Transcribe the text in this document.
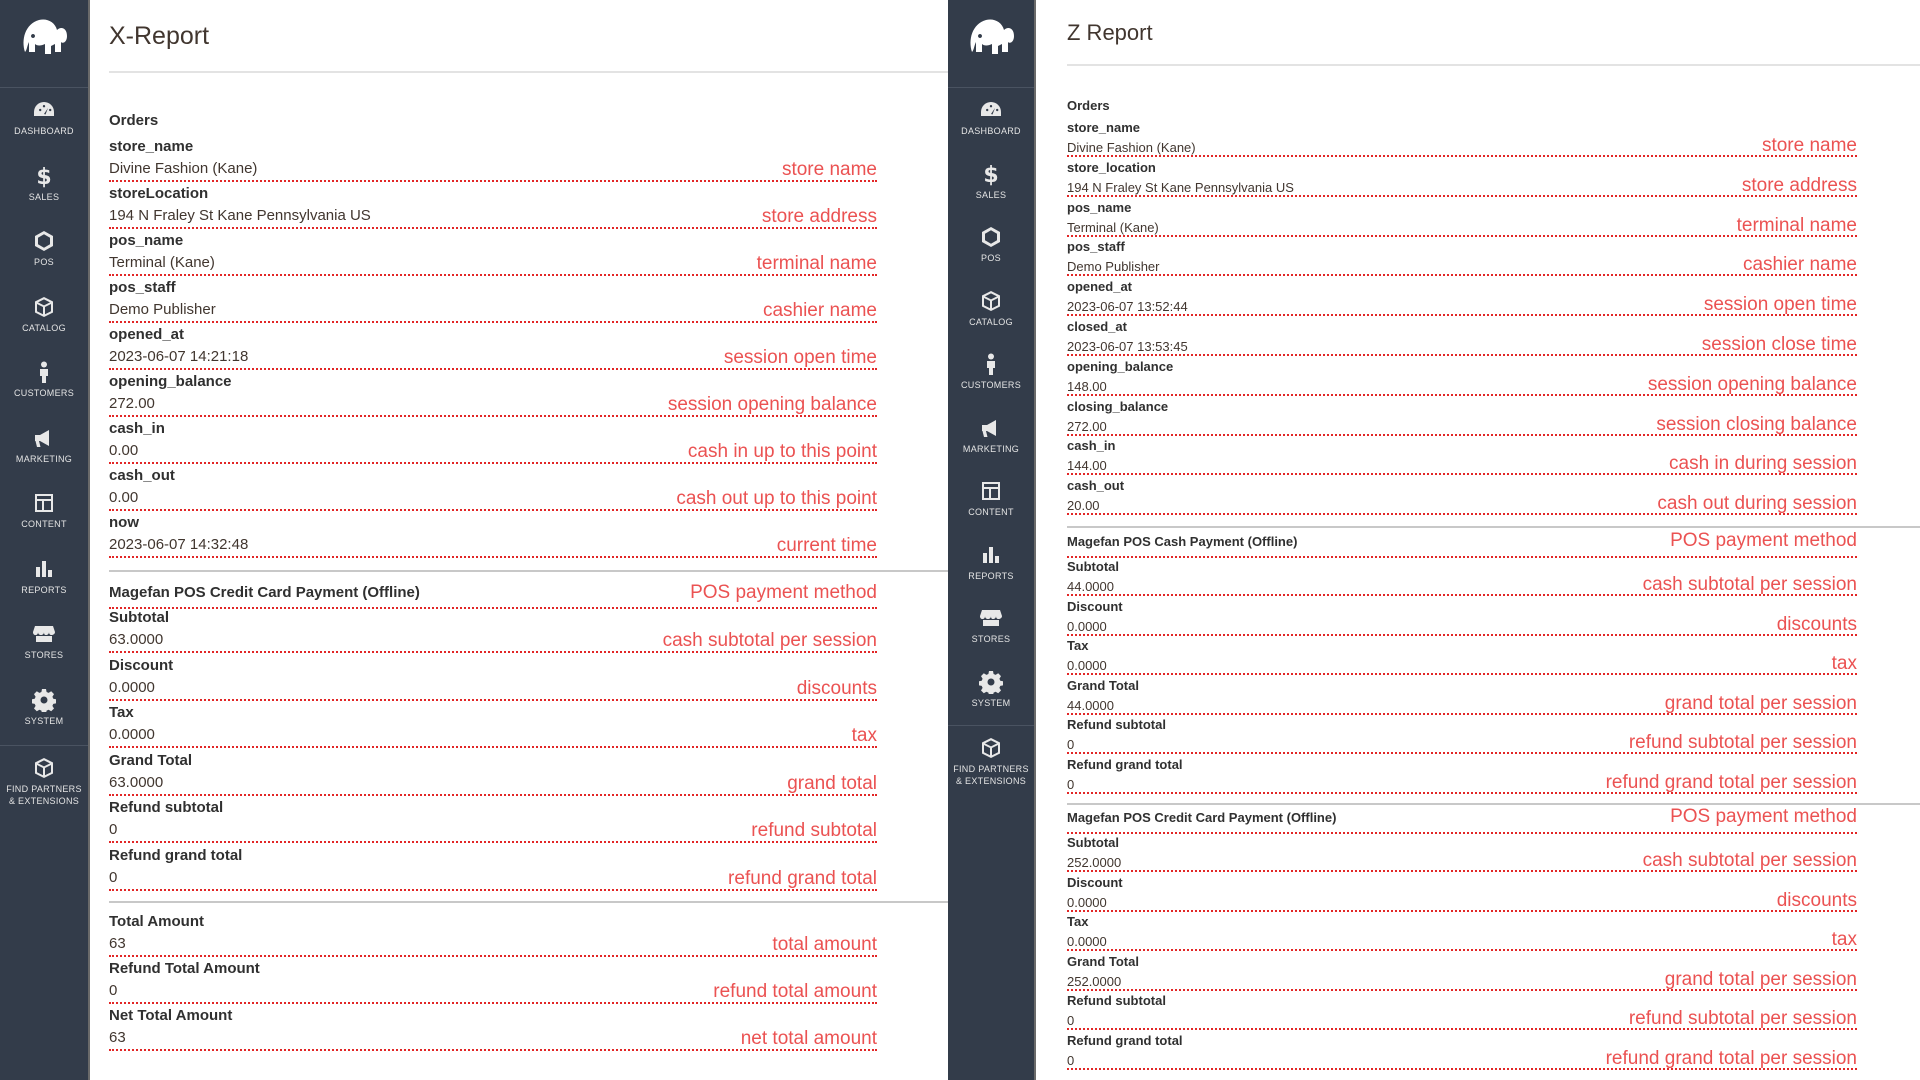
DASHBOARD
$
SALES
POS
CATALOG
CUSTOMERS
MARKETING
CONTENT
REPORTS
STORES
SYSTEM
FIND PARTNERS
& EXTENSIONS
X-Report
Orders
store_name
Divine Fashion (Kane)	store name
storeLocation
194 N Fraley St Kane Pennsylvania US	store address
pos_name
Terminal (Kane)	terminal name
pos_staff
Demo Publisher	cashier name
opened_at
2023-06-07 14:21:18	session open time
opening_balance
272.00	session opening balance
cash_in
0.00	cash in up to this point
cash_out
0.00	cash out up to this point
now
2023-06-07 14:32:48	current time
Magefan POS Credit Card Payment (Offline)	POS payment method
Subtotal
63.0000	cash subtotal per session
Discount
0.0000	discounts
Tax
0.0000	tax
Grand Total
63.0000	grand total
Refund subtotal
0	refund subtotal
Refund grand total
0	refund grand total
Total Amount
63	total amount
Refund Total Amount
0	refund total amount
Net Total Amount
63	net total amount
DASHBOARD
$
SALES
POS
CATALOG
CUSTOMERS
MARKETING
CONTENT
REPORTS
STORES
SYSTEM
FIND PARTNERS
& EXTENSIONS
Z Report
Orders
store_name
Divine Fashion (Kane)	store name
store_location
194 N Fraley St Kane Pennsylvania US	store address
pos_name
Terminal (Kane)	terminal name
pos_staff
Demo Publisher	cashier name
opened_at
2023-06-07 13:52:44	session open time
closed_at
2023-06-07 13:53:45	session close time
opening_balance
148.00	session opening balance
closing_balance
272.00	session closing balance
cash_in
144.00	cash in during session
cash_out
20.00	cash out during session
Magefan POS Cash Payment (Offline)	POS payment method
Subtotal
44.0000	cash subtotal per session
Discount
0.0000	discounts
Tax
0.0000	tax
Grand Total
44.0000	grand total per session
Refund subtotal
0	refund subtotal per session
Refund grand total
0	refund grand total per session
Magefan POS Credit Card Payment (Offline)	POS payment method
Subtotal
252.0000	cash subtotal per session
Discount
0.0000	discounts
Tax
0.0000	tax
Grand Total
252.0000	grand total per session
Refund subtotal
0	refund subtotal per session
Refund grand total
0	refund grand total per session
